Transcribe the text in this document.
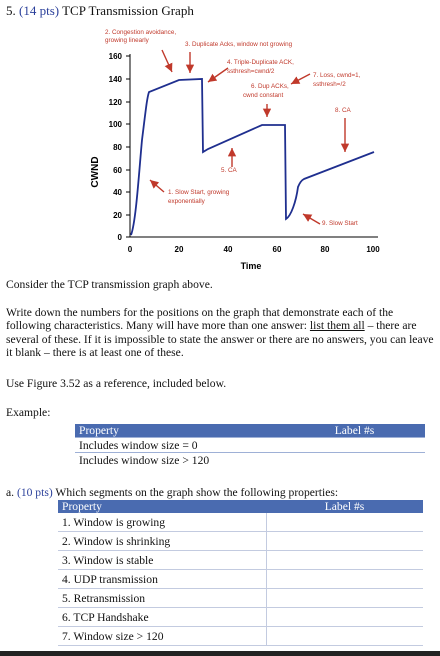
5. (14 pts) TCP Transmission Graph
CWND
Time
0
20
40
60
80
100
120
140
160
0	20	40	60	80	100
2. Congestion avoidance,
growing linearly
3. Duplicate Acks, window not growing
4. Triple-Duplicate ACK,
ssthresh=cwnd/2
6. Dup ACKs,
cwnd constant
7. Loss, cwnd=1,
ssthresh=/2
8. CA
5. CA
1. Slow Start, growing
exponentially
9. Slow Start
Consider the TCP transmission graph above.
Write down the numbers for the positions on the graph that demonstrate each of the following characteristics. Many will have more than one answer: list them all – there are several of these. If it is impossible to state the answer or there are no answers, you can leave it blank – there is at least one of these.
Use Figure 3.52 as a reference, included below.
Example:
Property	Label #s
Includes window size = 0	
Includes window size > 120	
a. (10 pts) Which segments on the graph show the following properties:
Property	Label #s
1. Window is growing	
2. Window is shrinking	
3. Window is stable	
4. UDP transmission	
5. Retransmission	
6. TCP Handshake	
7. Window size > 120	
